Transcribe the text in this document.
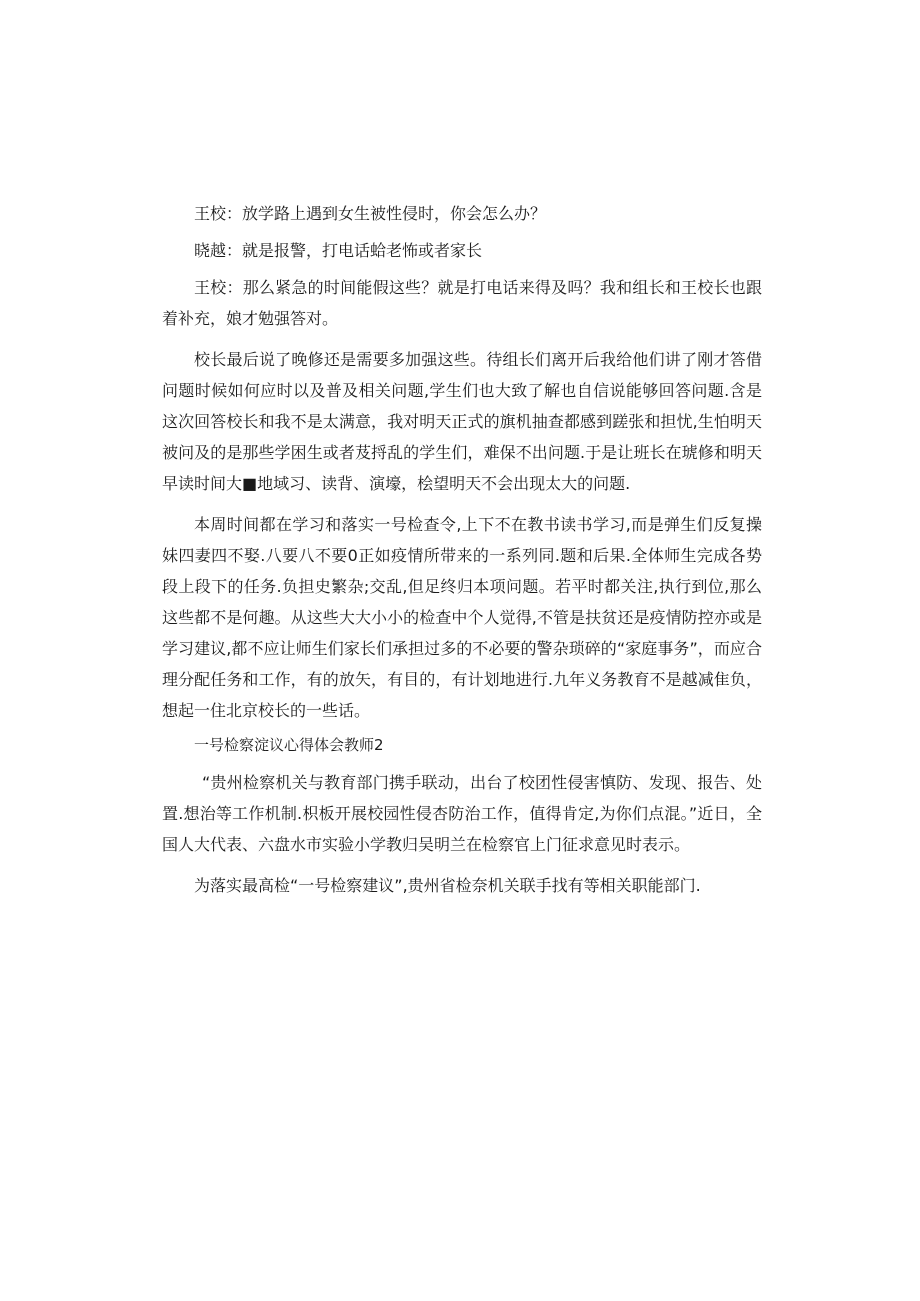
王校：放学路上遇到女生被性侵时，你会怎么办？

晓越：就是报警，打电话蛤老怖或者家长

王校：那么紧急的时间能假这些？就是打电话来得及吗？我和组长和王校长也跟着补充，娘才勉强答对。

校长最后说了晚修还是需要多加强这些。待组长们离开后我给他们讲了刚才答借问题时候如何应时以及普及相关问题,学生们也大致了解也自信说能够回答问题.含是这次回答校长和我不是太满意，我对明天正式的旗机抽查都感到蹉张和担忧,生怕明天被问及的是那些学困生或者芨捋乱的学生们，难保不出问题.于是让班长在琥修和明天早读时间大■地域习、读背、演壕，桧望明天不会出现太大的问题.

本周时间都在学习和落实一号检查令,上下不在教书读书学习,而是弹生们反复操妹四妻四不娶.八要八不要0正如疫情所带来的一系列同.题和后果.全体师生完成各势段上段下的任务.负担史繁杂;交乱,但足终归本项问题。若平时都关注,执行到位,那么这些都不是何趣。从这些大大小小的检查中个人觉得,不管是扶贫还是疫情防控亦或是学习建议,都不应让师生们家长们承担过多的不必要的警杂琐碎的“家庭事务”，而应合理分配任务和工作，有的放矢，有目的，有计划地进行.九年义务教育不是越减隹负，想起一住北京校长的一些话。

一号检察淀议心得体会教师2

“贵州检察机关与教育部门携手联动，出台了校团性侵害慎防、发现、报告、处置.想治等工作机制.枳板开展校园性侵杏防治工作，值得肯定,为你们点混。”近日，全国人大代表、六盘水市实验小学教归吴明兰在检察官上门征求意见时表示。

为落实最高检“一号检察建议”,贵州省检奈机关联手找有等相关职能部门.
